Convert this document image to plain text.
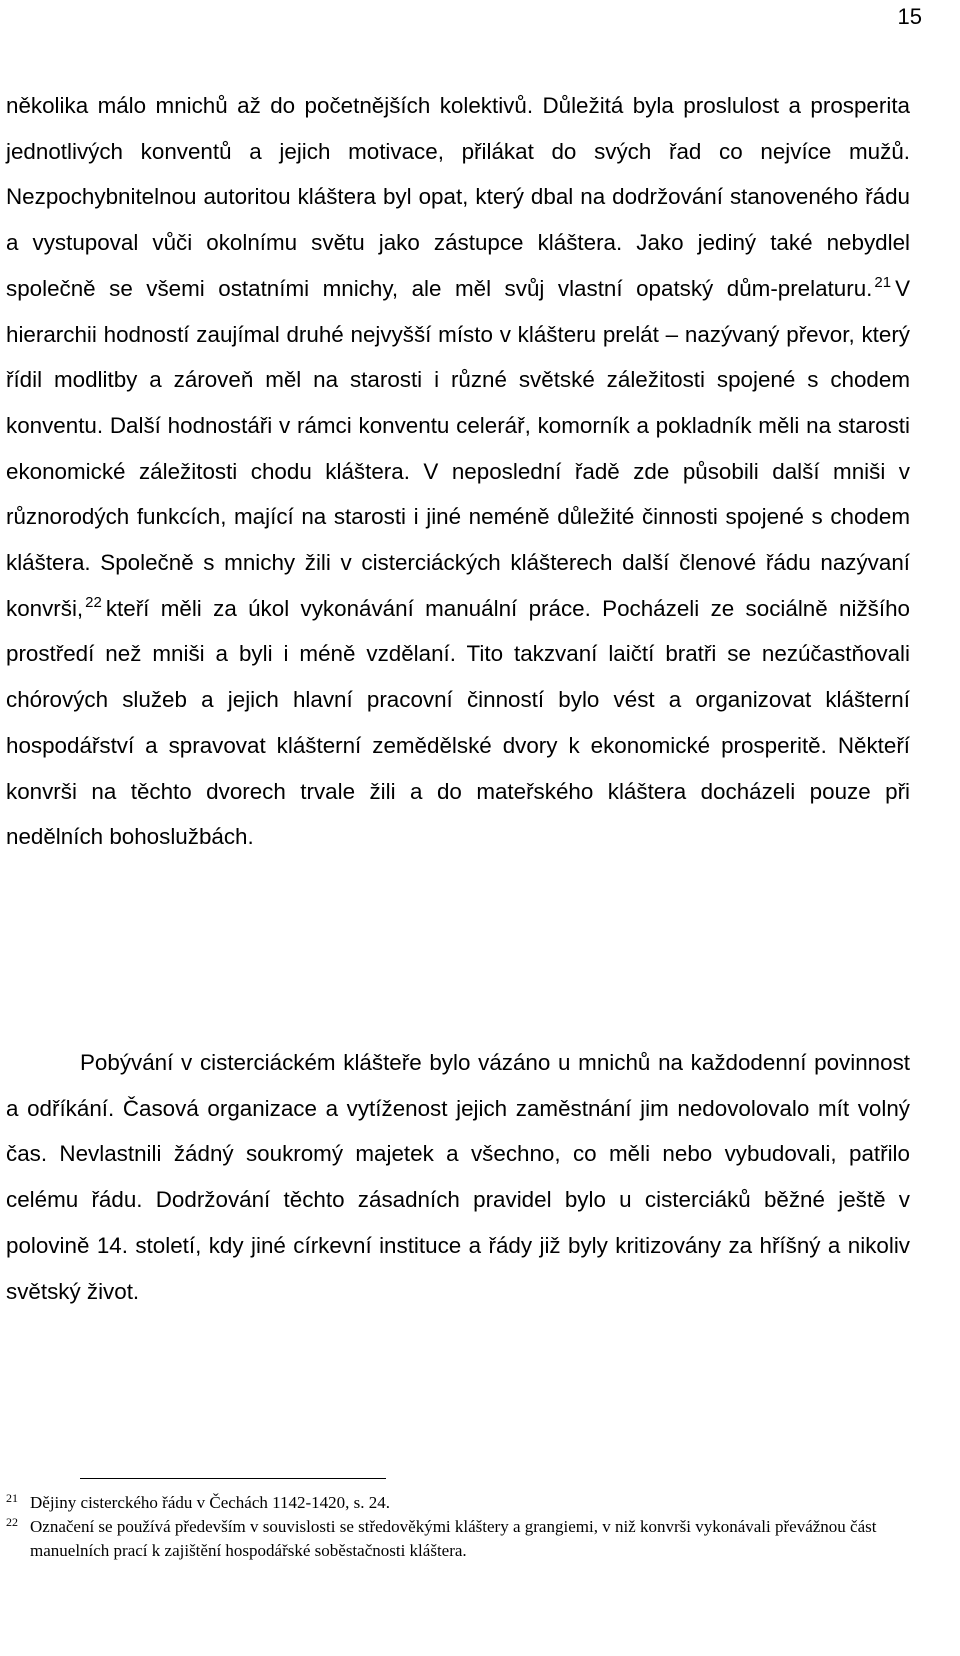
15

několika málo mnichů až do početnějších kolektivů. Důležitá byla proslulost a prosperita jednotlivých konventů a jejich motivace, přilákat do svých řad co nejvíce mužů. Nezpochybnitelnou autoritou kláštera byl opat, který dbal na dodržování stanoveného řádu a vystupoval vůči okolnímu světu jako zástupce kláštera. Jako jediný také nebydlel společně se všemi ostatními mnichy, ale měl svůj vlastní opatský dům-prelaturu. $^{21}$ V hierarchii hodností zaujímal druhé nejvyšší místo v klášteru prelát – nazývaný převor, který řídil modlitby a zároveň měl na starosti i různé světské záležitosti spojené s chodem konventu. Další hodnostáři v rámci konventu celerář, komorník a pokladník měli na starosti ekonomické záležitosti chodu kláštera. V neposlední řadě zde působili další mniši v různorodých funkcích, mající na starosti i jiné neméně důležité činnosti spojené s chodem kláštera. Společně s mnichy žili v cisterciáckých klášterech další členové řádu nazývaní konvrši, $^{22}$ kteří měli za úkol vykonávání manuální práce. Pocházeli ze sociálně nižšího prostředí než mniši a byli i méně vzdělaní. Tito takzvaní laičtí bratři se nezúčastňovali chórových služeb a jejich hlavní pracovní činností bylo vést a organizovat klášterní hospodářství a spravovat klášterní zemědělské dvory k ekonomické prosperitě. Někteří konvrši na těchto dvorech trvale žili a do mateřského kláštera docházeli pouze při nedělních bohoslužbách.

Pobývání v cisterciáckém klášteře bylo vázáno u mnichů na každodenní povinnost a odříkání. Časová organizace a vytíženost jejich zaměstnání jim nedovolovalo mít volný čas. Nevlastnili žádný soukromý majetek a všechno, co měli nebo vybudovali, patřilo celému řádu. Dodržování těchto zásadních pravidel bylo u cisterciáků běžné ještě v polovině 14. století, kdy jiné církevní instituce a řády již byly kritizovány za hříšný a nikoliv světský život.

21 Dějiny cisterckého řádu v Čechách 1142-1420, s. 24.
22 Označení se používá především v souvislosti se středověkými kláštery a grangiemi, v niž konvrši vykonávali převážnou část manuelních prací k zajištění hospodářské soběstačnosti kláštera.
